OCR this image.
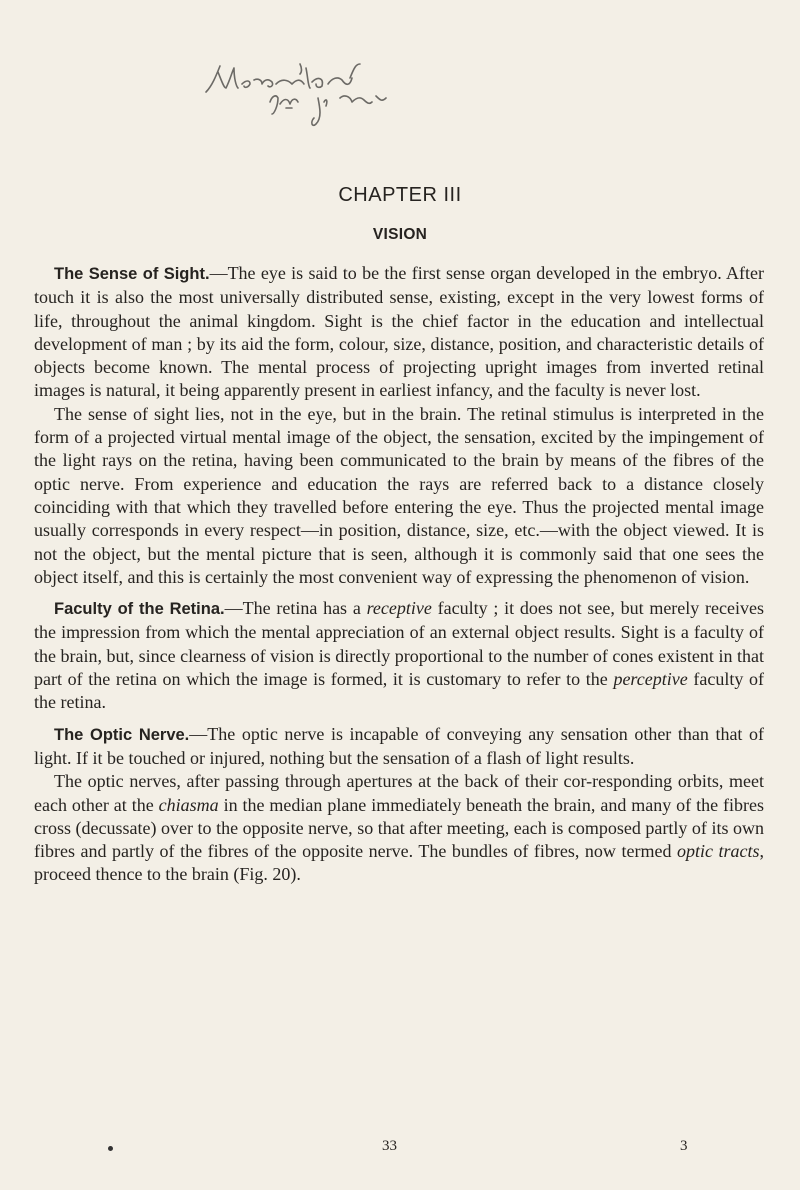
CHAPTER III
VISION

The Sense of Sight.—The eye is said to be the first sense organ developed in the embryo. After touch it is also the most universally distributed sense, existing, except in the very lowest forms of life, throughout the animal kingdom. Sight is the chief factor in the education and intellectual development of man ; by its aid the form, colour, size, distance, position, and characteristic details of objects become known. The mental process of projecting upright images from inverted retinal images is natural, it being apparently present in earliest infancy, and the faculty is never lost.

The sense of sight lies, not in the eye, but in the brain. The retinal stimulus is interpreted in the form of a projected virtual mental image of the object, the sensation, excited by the impingement of the light rays on the retina, having been communicated to the brain by means of the fibres of the optic nerve. From experience and education the rays are referred back to a distance closely coinciding with that which they travelled before entering the eye. Thus the projected mental image usually corresponds in every respect—in position, distance, size, etc.—with the object viewed. It is not the object, but the mental picture that is seen, although it is commonly said that one sees the object itself, and this is certainly the most convenient way of expressing the phenomenon of vision.

Faculty of the Retina.—The retina has a receptive faculty ; it does not see, but merely receives the impression from which the mental appreciation of an external object results. Sight is a faculty of the brain, but, since clearness of vision is directly proportional to the number of cones existent in that part of the retina on which the image is formed, it is customary to refer to the perceptive faculty of the retina.

The Optic Nerve.—The optic nerve is incapable of conveying any sensation other than that of light. If it be touched or injured, nothing but the sensation of a flash of light results.

The optic nerves, after passing through apertures at the back of their cor-responding orbits, meet each other at the chiasma in the median plane immediately beneath the brain, and many of the fibres cross (decussate) over to the opposite nerve, so that after meeting, each is composed partly of its own fibres and partly of the fibres of the opposite nerve. The bundles of fibres, now termed optic tracts, proceed thence to the brain (Fig. 20).

33	3
